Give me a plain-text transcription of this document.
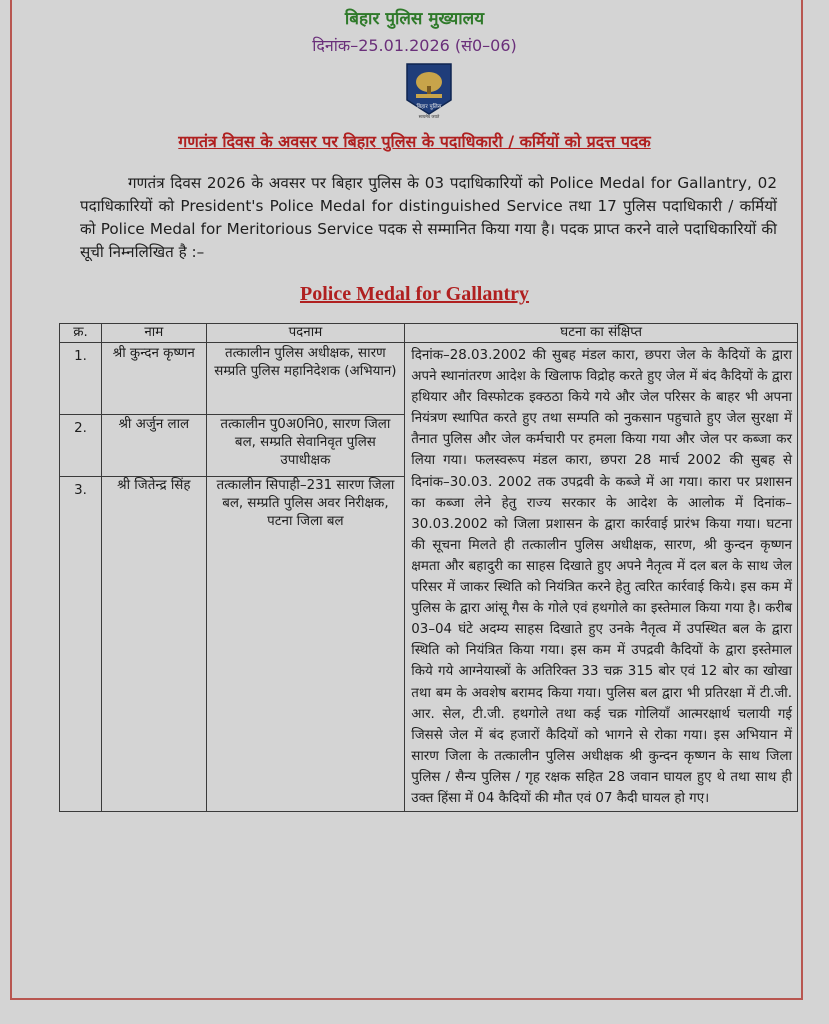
बिहार पुलिस मुख्यालय
दिनांक–25.01.2026 (सं0–06)
बिहार पुलिस
सत्यमेव जयते
गणतंत्र दिवस के अवसर पर बिहार पुलिस के पदाधिकारी / कर्मियों को प्रदत्त पदक
गणतंत्र दिवस 2026 के अवसर पर बिहार पुलिस के 03 पदाधिकारियों को Police Medal for Gallantry, 02 पदाधिकारियों को President's Police Medal for distinguished Service तथा 17 पुलिस पदाधिकारी / कर्मियों को Police Medal for Meritorious Service पदक से सम्मानित किया गया है। पदक प्राप्त करने वाले पदाधिकारियों की सूची निम्नलिखित है :–
Police Medal for Gallantry
क्र.	नाम	पदनाम	घटना का संक्षिप्त
1.	श्री कुन्दन कृष्णन	तत्कालीन पुलिस अधीक्षक, सारण सम्प्रति पुलिस महानिदेशक (अभियान)	दिनांक–28.03.2002 की सुबह मंडल कारा, छपरा जेल के कैदियों के द्वारा अपने स्थानांतरण आदेश के खिलाफ विद्रोह करते हुए जेल में बंद कैदियों के द्वारा हथियार और विस्फोटक इक्ठठा किये गये और जेल परिसर के बाहर भी अपना नियंत्रण स्थापित करते हुए तथा सम्पति को नुकसान पहुचाते हुए जेल सुरक्षा में तैनात पुलिस और जेल कर्मचारी पर हमला किया गया और जेल पर कब्जा कर लिया गया। फलस्वरूप मंडल कारा, छपरा 28 मार्च 2002 की सुबह से दिनांक–30.03. 2002 तक उपद्रवी के कब्जे में आ गया। कारा पर प्रशासन का कब्जा लेने हेतु राज्य सरकार के आदेश के आलोक में दिनांक–30.03.2002 को जिला प्रशासन के द्वारा कार्रवाई प्रारंभ किया गया। घटना की सूचना मिलते ही तत्कालीन पुलिस अधीक्षक, सारण, श्री कुन्दन कृष्णन क्षमता और बहादुरी का साहस दिखाते हुए अपने नैतृत्व में दल बल के साथ जेल परिसर में जाकर स्थिति को नियंत्रित करने हेतु त्वरित कार्रवाई किये। इस कम में पुलिस के द्वारा आंसू गैस के गोले एवं हथगोले का इस्तेमाल किया गया है। करीब 03–04 घंटे अदम्य साहस दिखाते हुए उनके नैतृत्व में उपस्थित बल के द्वारा स्थिति को नियंत्रित किया गया। इस कम में उपद्रवी कैदियों के द्वारा इस्तेमाल किये गये आग्नेयास्त्रों के अतिरिक्त 33 चक्र 315 बोर एवं 12 बोर का खोखा तथा बम के अवशेष बरामद किया गया। पुलिस बल द्वारा भी प्रतिरक्षा में टी.जी. आर. सेल, टी.जी. हथगोले तथा कई चक्र गोलियाँ आत्मरक्षार्थ चलायी गई जिससे जेल में बंद हजारों कैदियों को भागने से रोका गया। इस अभियान में सारण जिला के तत्कालीन पुलिस अधीक्षक श्री कुन्दन कृष्णन के साथ जिला पुलिस / सैन्य पुलिस / गृह रक्षक सहित 28 जवान घायल हुए थे तथा साथ ही उक्त हिंसा में 04 कैदियों की मौत एवं 07 कैदी घायल हो गए।
2.	श्री अर्जुन लाल	तत्कालीन पु0अ0नि0, सारण जिला बल, सम्प्रति सेवानिवृत पुलिस उपाधीक्षक	

3.	श्री जितेन्द्र सिंह	तत्कालीन सिपाही–231 सारण जिला बल, सम्प्रति पुलिस अवर निरीक्षक, पटना जिला बल	
